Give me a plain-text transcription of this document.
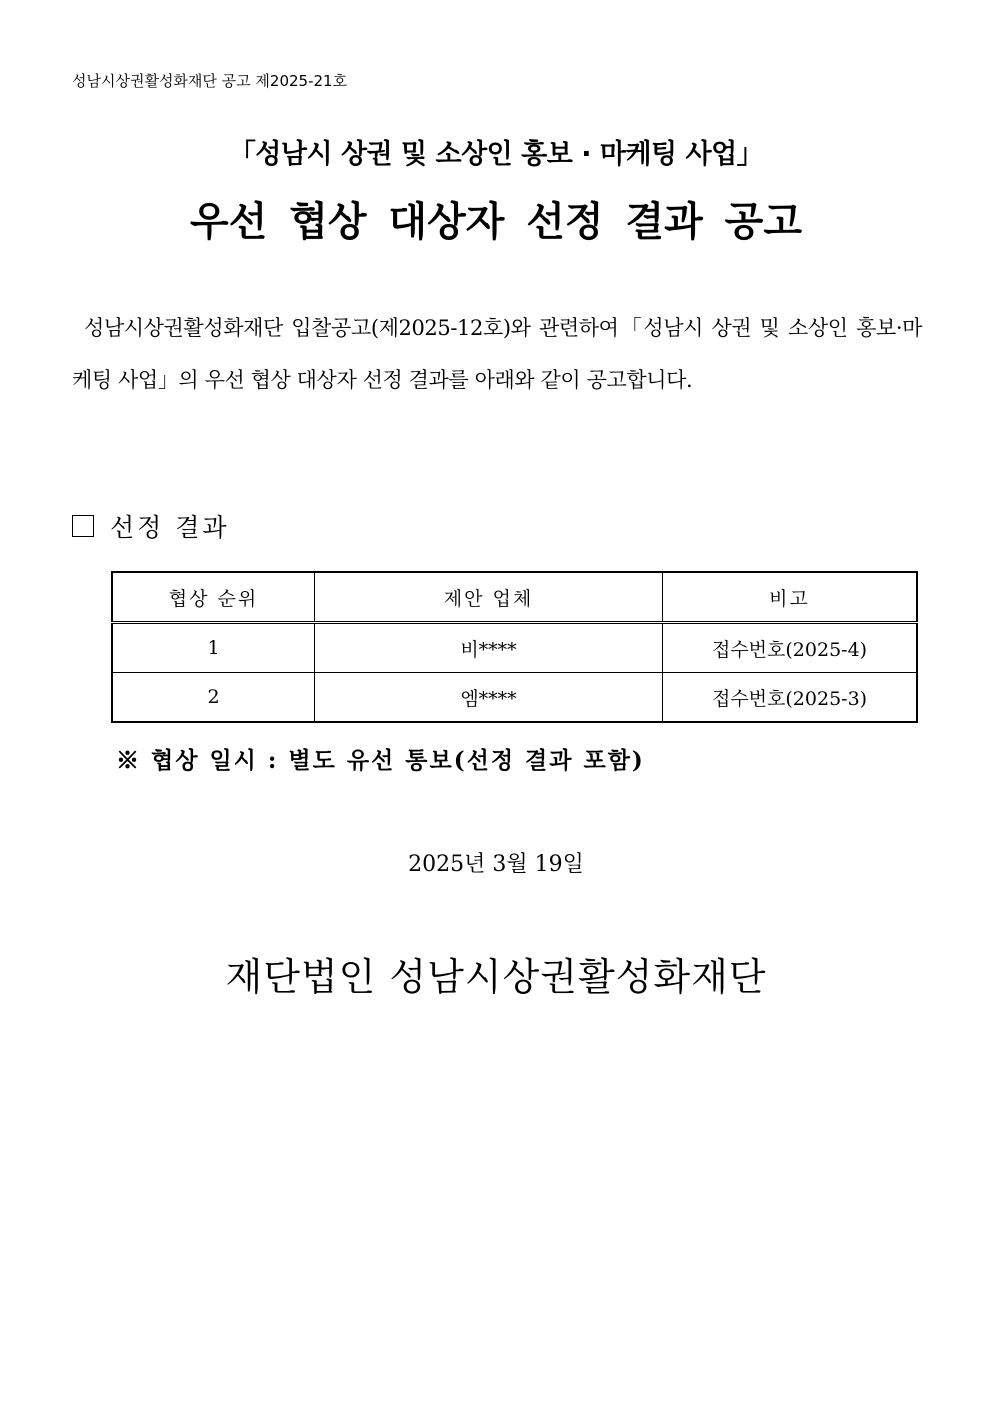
성남시상권활성화재단 공고 제2025-21호
「성남시 상권 및 소상인 홍보 · 마케팅 사업」
우선 협상 대상자 선정 결과 공고
성남시상권활성화재단 입찰공고(제2025-12호)와 관련하여「성남시 상권 및 소상인 홍보·마케팅 사업」의 우선 협상 대상자 선정 결과를 아래와 같이 공고합니다.
선정 결과
협상 순위	제안 업체	비고
1	비****	접수번호(2025-4)
2	엠****	접수번호(2025-3)
※ 협상 일시 : 별도 유선 통보(선정 결과 포함)
2025년 3월 19일
재단법인 성남시상권활성화재단
